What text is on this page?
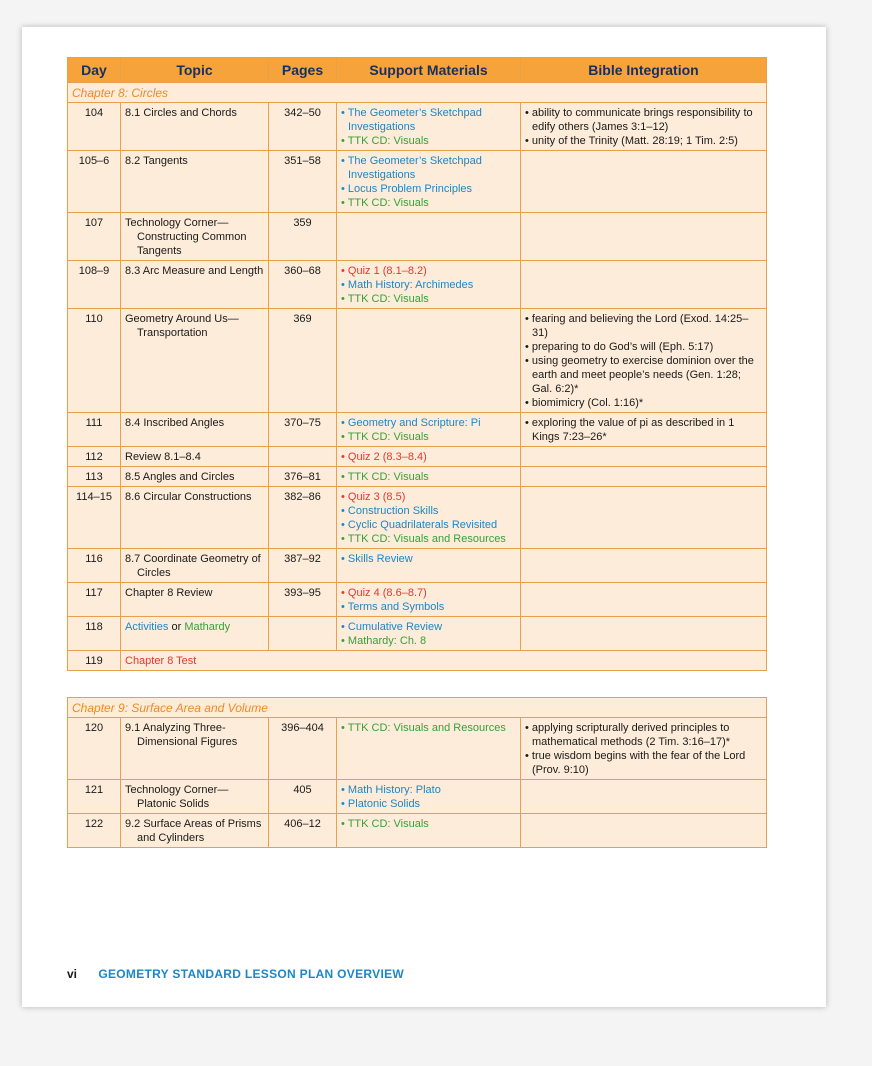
Day	Topic	Pages	Support Materials	Bible Integration
Chapter 8: Circles				
104	8.1 Circles and Chords	342–50	• The Geometer’s Sketchpad Investigations
• TTK CD: Visuals	• ability to communicate brings responsibility to edify others (James 3:1–12)
• unity of the Trinity (Matt. 28:19; 1 Tim. 2:5)

105–6	8.2 Tangents	351–58	• The Geometer’s Sketchpad Investigations
• Locus Problem Principles
• TTK CD: Visuals	

107	Technology Corner—Constructing Common Tangents	359		
108–9	8.3 Arc Measure and Length	360–68	• Quiz 1 (8.1–8.2)
• Math History: Archimedes
• TTK CD: Visuals	

110	Geometry Around Us—Transportation	369		• fearing and believing the Lord (Exod. 14:25–31)
• preparing to do God’s will (Eph. 5:17)
• using geometry to exercise dominion over the earth and meet people’s needs (Gen. 1:28; Gal. 6:2)*
• biomimicry (Col. 1:16)*

111	8.4 Inscribed Angles	370–75	• Geometry and Scripture: Pi
• TTK CD: Visuals	• exploring the value of pi as described in 1 Kings 7:23–26*

112	Review 8.1–8.4		• Quiz 2 (8.3–8.4)	

113	8.5 Angles and Circles	376–81	• TTK CD: Visuals	

114–15	8.6 Circular Constructions	382–86	• Quiz 3 (8.5)
• Construction Skills
• Cyclic Quadrilaterals Revisited
• TTK CD: Visuals and Resources	

116	8.7 Coordinate Geometry of Circles	387–92	• Skills Review	

117	Chapter 8 Review	393–95	• Quiz 4 (8.6–8.7)
• Terms and Symbols	

118	Activities or Mathardy		• Cumulative Review
• Mathardy: Ch. 8	

119	Chapter 8 Test			
Chapter 9: Surface Area and Volume				
120	9.1 Analyzing Three-Dimensional Figures	396–404	• TTK CD: Visuals and Resources	• applying scripturally derived principles to mathematical methods (2 Tim. 3:16–17)*
• true wisdom begins with the fear of the Lord (Prov. 9:10)

121	Technology Corner—Platonic Solids	405	• Math History: Plato
• Platonic Solids	

122	9.2 Surface Areas of Prisms and Cylinders	406–12	• TTK CD: Visuals	

vi GEOMETRY STANDARD LESSON PLAN OVERVIEW
